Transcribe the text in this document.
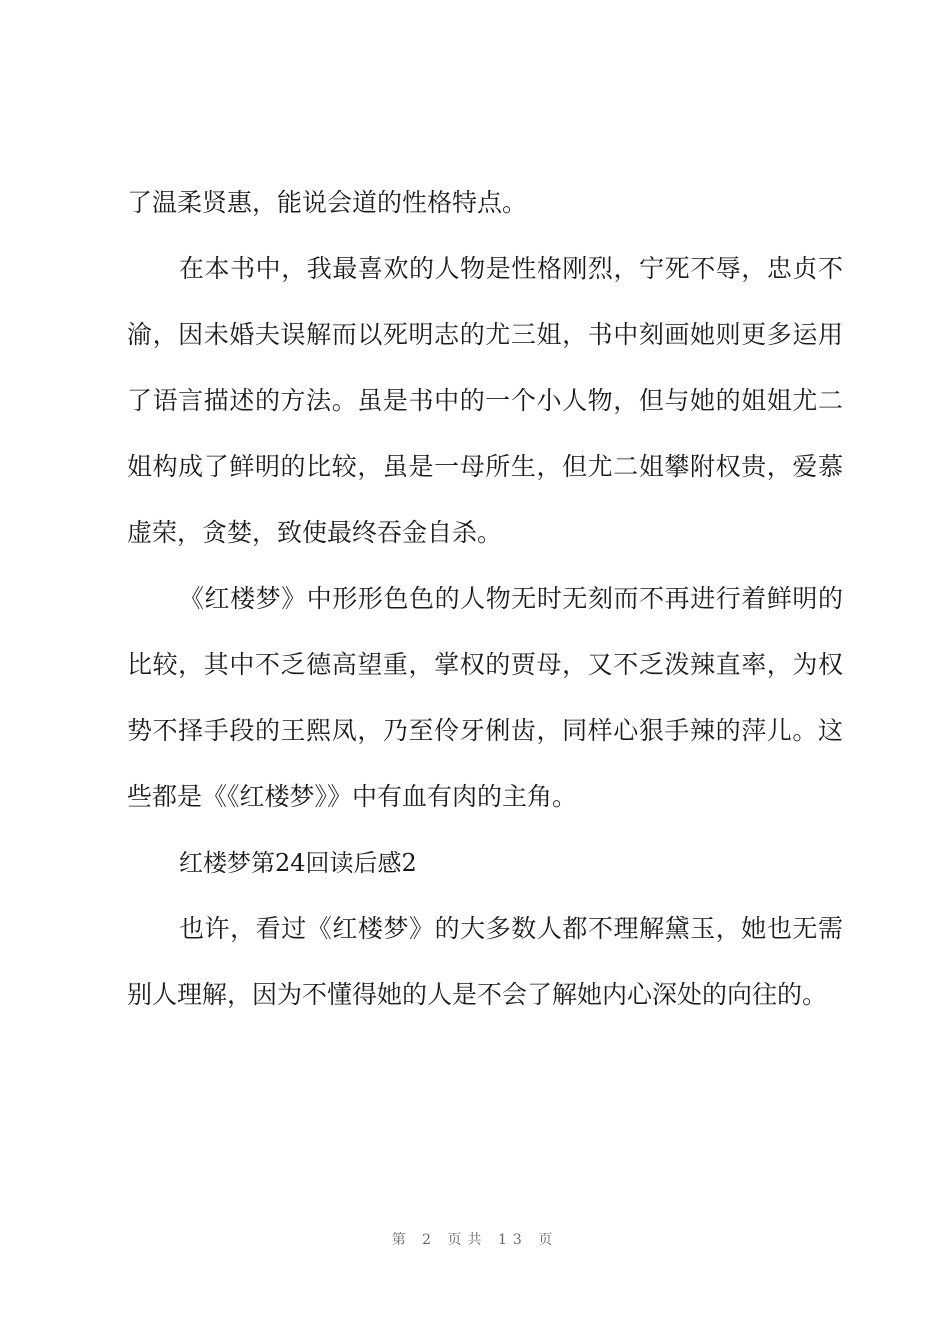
了温柔贤惠，能说会道的性格特点。
在本书中，我最喜欢的人物是性格刚烈，宁死不辱，忠贞不
渝，因未婚夫误解而以死明志的尤三姐，书中刻画她则更多运用
了语言描述的方法。虽是书中的一个小人物，但与她的姐姐尤二
姐构成了鲜明的比较，虽是一母所生，但尤二姐攀附权贵，爱慕
虚荣，贪婪，致使最终吞金自杀。
《红楼梦》中形形色色的人物无时无刻而不再进行着鲜明的
比较，其中不乏德高望重，掌权的贾母，又不乏泼辣直率，为权
势不择手段的王熙凤，乃至伶牙俐齿，同样心狠手辣的萍儿。这
些都是《《红楼梦》》中有血有肉的主角。
红楼梦第24回读后感2
也许，看过《红楼梦》的大多数人都不理解黛玉，她也无需
别人理解，因为不懂得她的人是不会了解她内心深处的向往的。
第 2 页共 13 页
